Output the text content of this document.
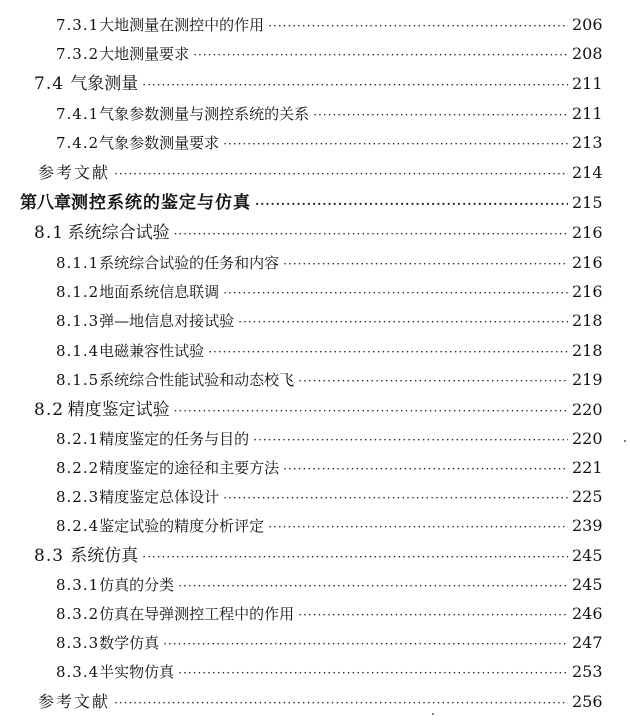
7.3.1 大地测量在测控中的作用 ·····	206
7.3.2 大地测量要求 ·····	208
7.4 气象测量 ·····	211
7.4.1 气象参数测量与测控系统的关系 ·····	211
7.4.2 气象参数测量要求 ·····	213
参考文献 ·····	214
第八章 测控系统的鉴定与仿真 ·····	215
8.1 系统综合试验 ·····	216
8.1.1 系统综合试验的任务和内容 ·····	216
8.1.2 地面系统信息联调 ·····	216
8.1.3 弹—地信息对接试验 ·····	218
8.1.4 电磁兼容性试验 ·····	218
8.1.5 系统综合性能试验和动态校飞 ·····	219
8.2 精度鉴定试验 ·····	220
8.2.1 精度鉴定的任务与目的 ·····	220
8.2.2 精度鉴定的途径和主要方法 ·····	221
8.2.3 精度鉴定总体设计 ·····	225
8.2.4 鉴定试验的精度分析评定 ·····	239
8.3 系统仿真 ·····	245
8.3.1 仿真的分类 ·····	245
8.3.2 仿真在导弹测控工程中的作用 ·····	246
8.3.3 数学仿真 ·····	247
8.3.4 半实物仿真 ·····	253
参考文献 ·····	256
